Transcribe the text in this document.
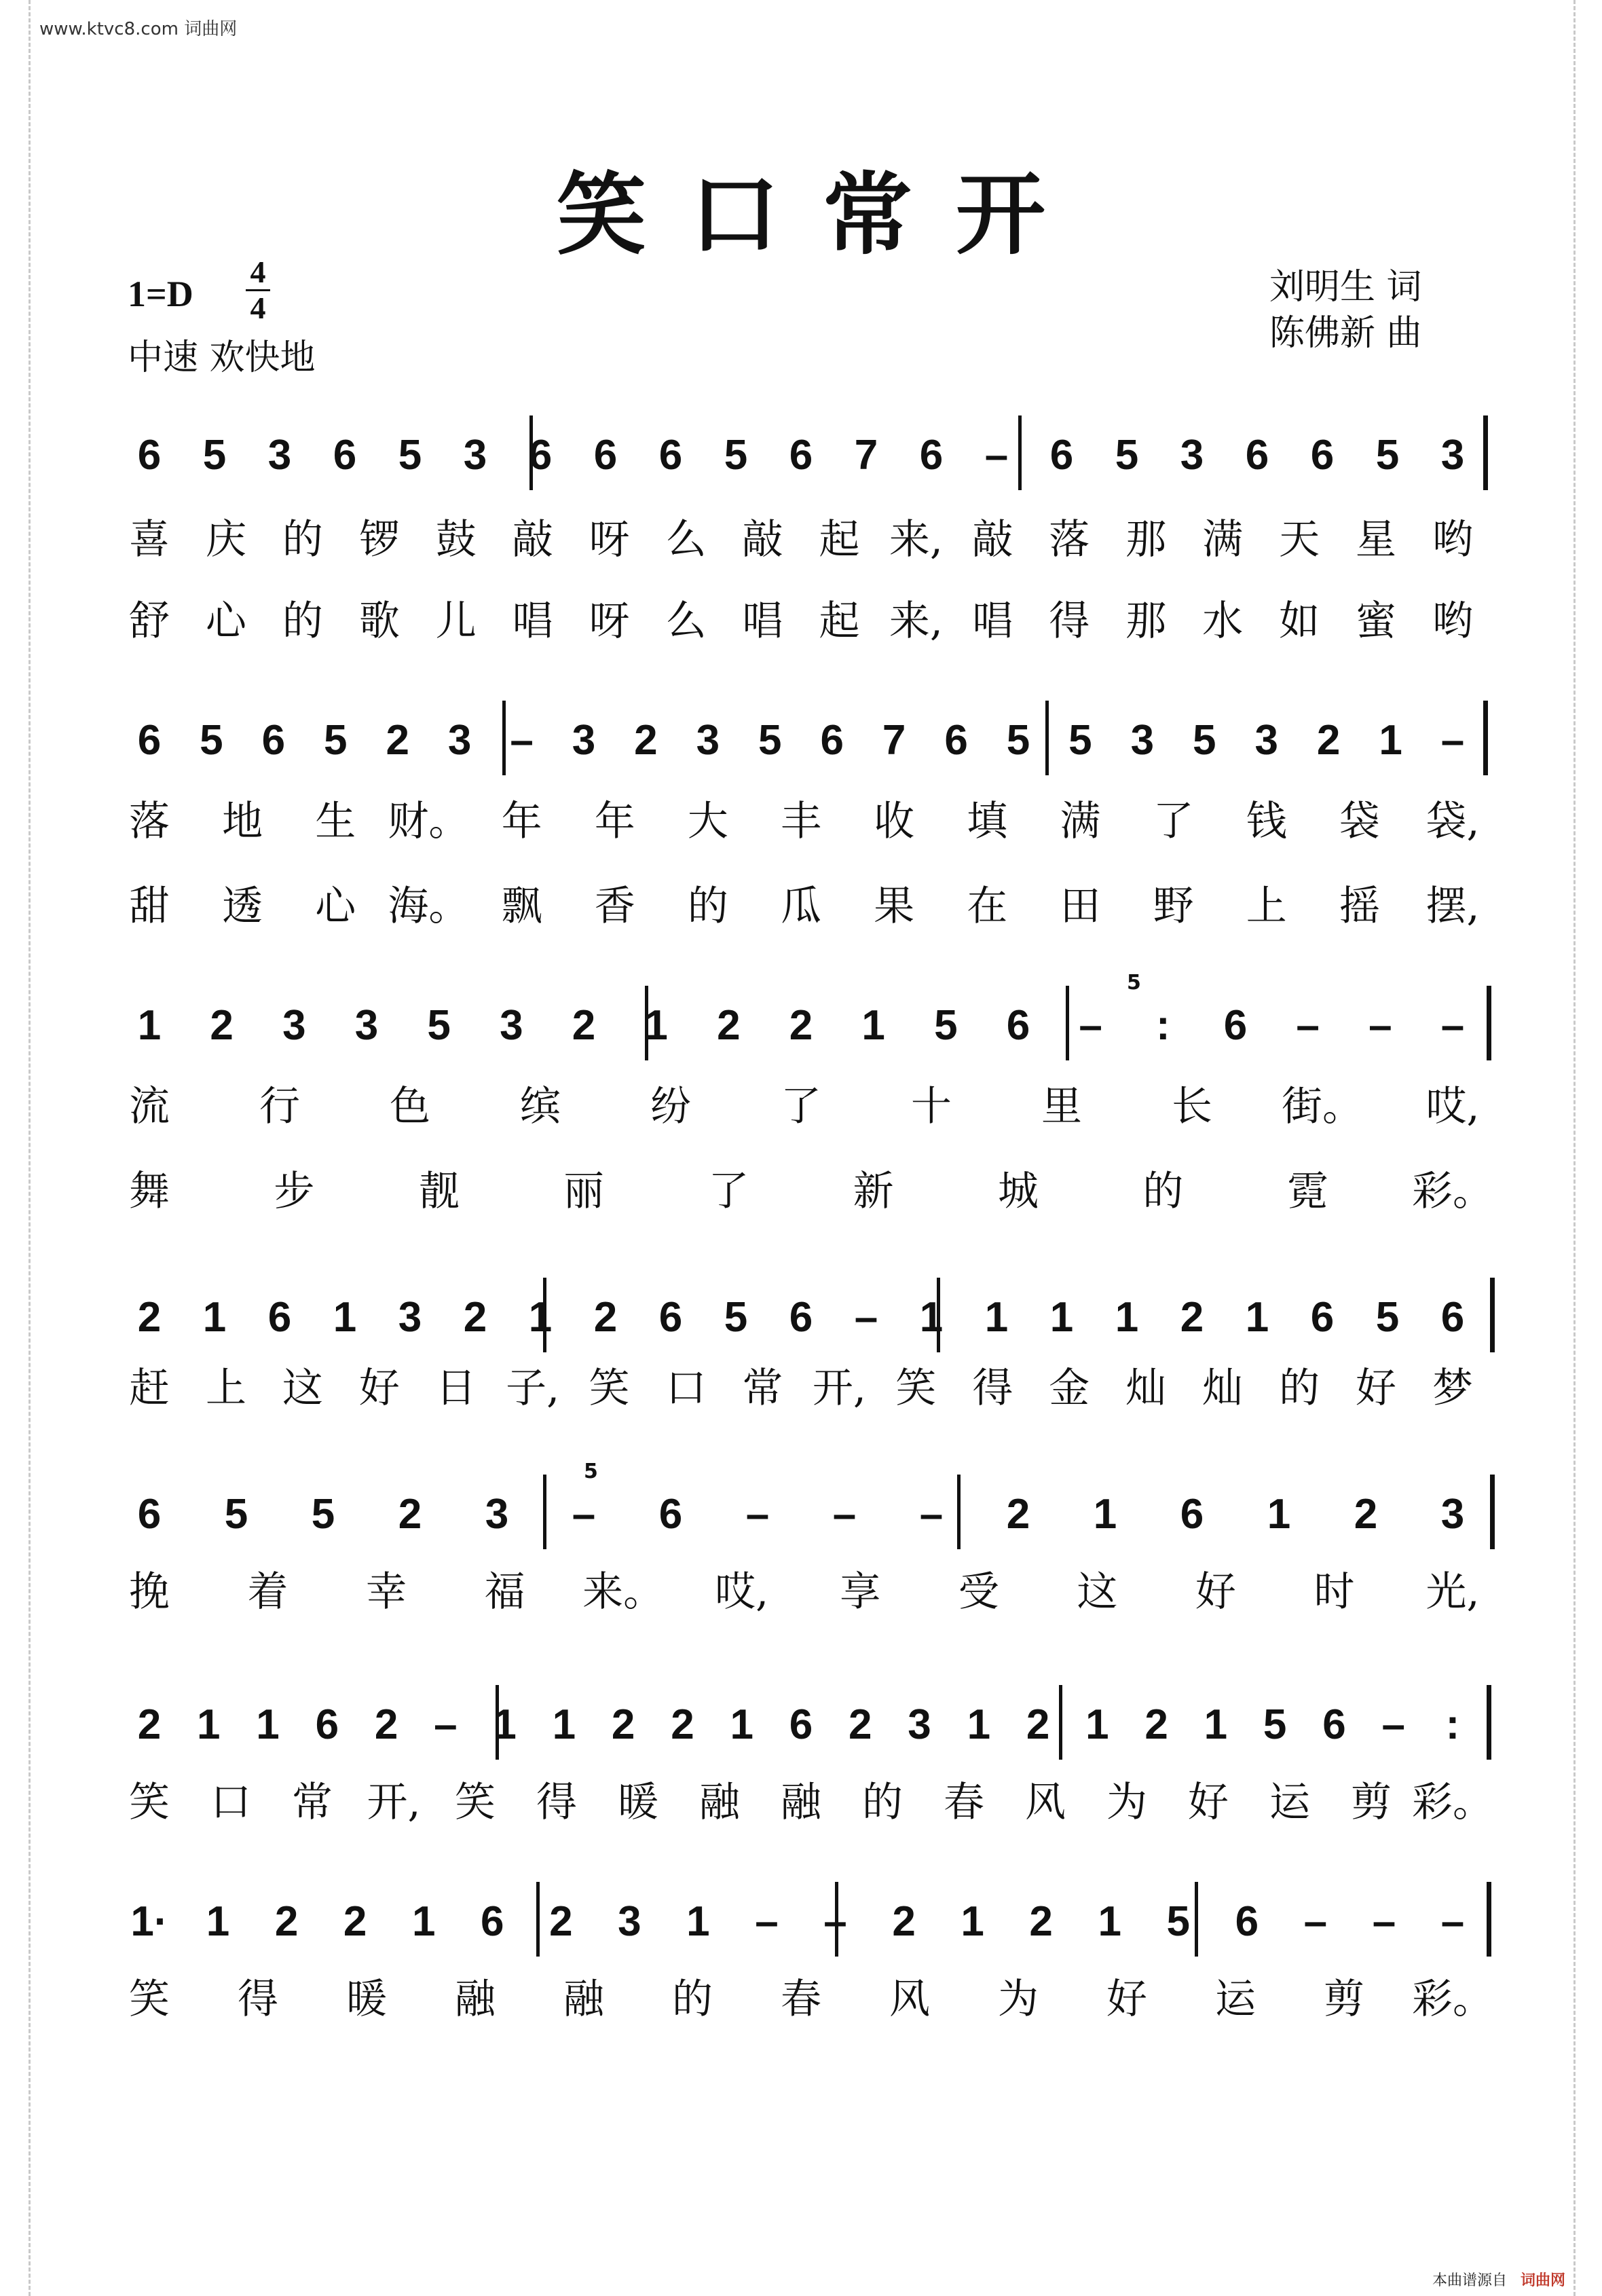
www.ktvc8.com 词曲网
笑口常开
1=D
4
4
中速 欢快地
刘明生 词
陈佛新 曲
6 5 3 6 5 3 6 6 6 5 6 7 6 – 6 5 3 6 6 5 3
喜 庆 的 锣 鼓 敲 呀 么 敲 起 来, 敲 落 那 满 天 星 哟
舒 心 的 歌 儿 唱 呀 么 唱 起 来, 唱 得 那 水 如 蜜 哟
6 5 6 5 2 3 – 3 2 3 5 6 7 6 5 5 3 5 3 2 1 –
落 地 生 财。 年 年 大 丰 收 填 满 了 钱 袋 袋,
甜 透 心 海。 飘 香 的 瓜 果 在 田 野 上 摇 摆,
1 2 3 3 5 3 2 1 2 2 1 5 6 – : 6 – – –
流 行 色 缤 纷 了 十 里 长 街。 哎,
舞	步	靓	丽	了	新	城	的	霓 彩。
2 1 6 1 3 2 1 2 6 5 6 – 1 1 1 1 2 1 6 5 6
赶 上 这 好 日 子, 笑 口 常 开, 笑 得 金 灿 灿 的 好 梦
6 5 5 2 3 – 6 – – – 2 1 6 1 2 3
挽 着 幸 福 来。 哎, 享 受 这 好 时 光,
2 1 1 6 2 – 1 1 2 2 1 6 2 3 1 2 1 2 1 5 6 – :
笑 口 常 开, 笑 得 暖 融 融 的 春 风 为 好 运 剪 彩。
1· 1 2 2 1 6 2 3 1 – – 2 1 2 1 5 6 – – –
笑 得 暖 融 融 的 春 风 为 好 运 剪 彩。
5
5
本曲谱源自 词曲网
